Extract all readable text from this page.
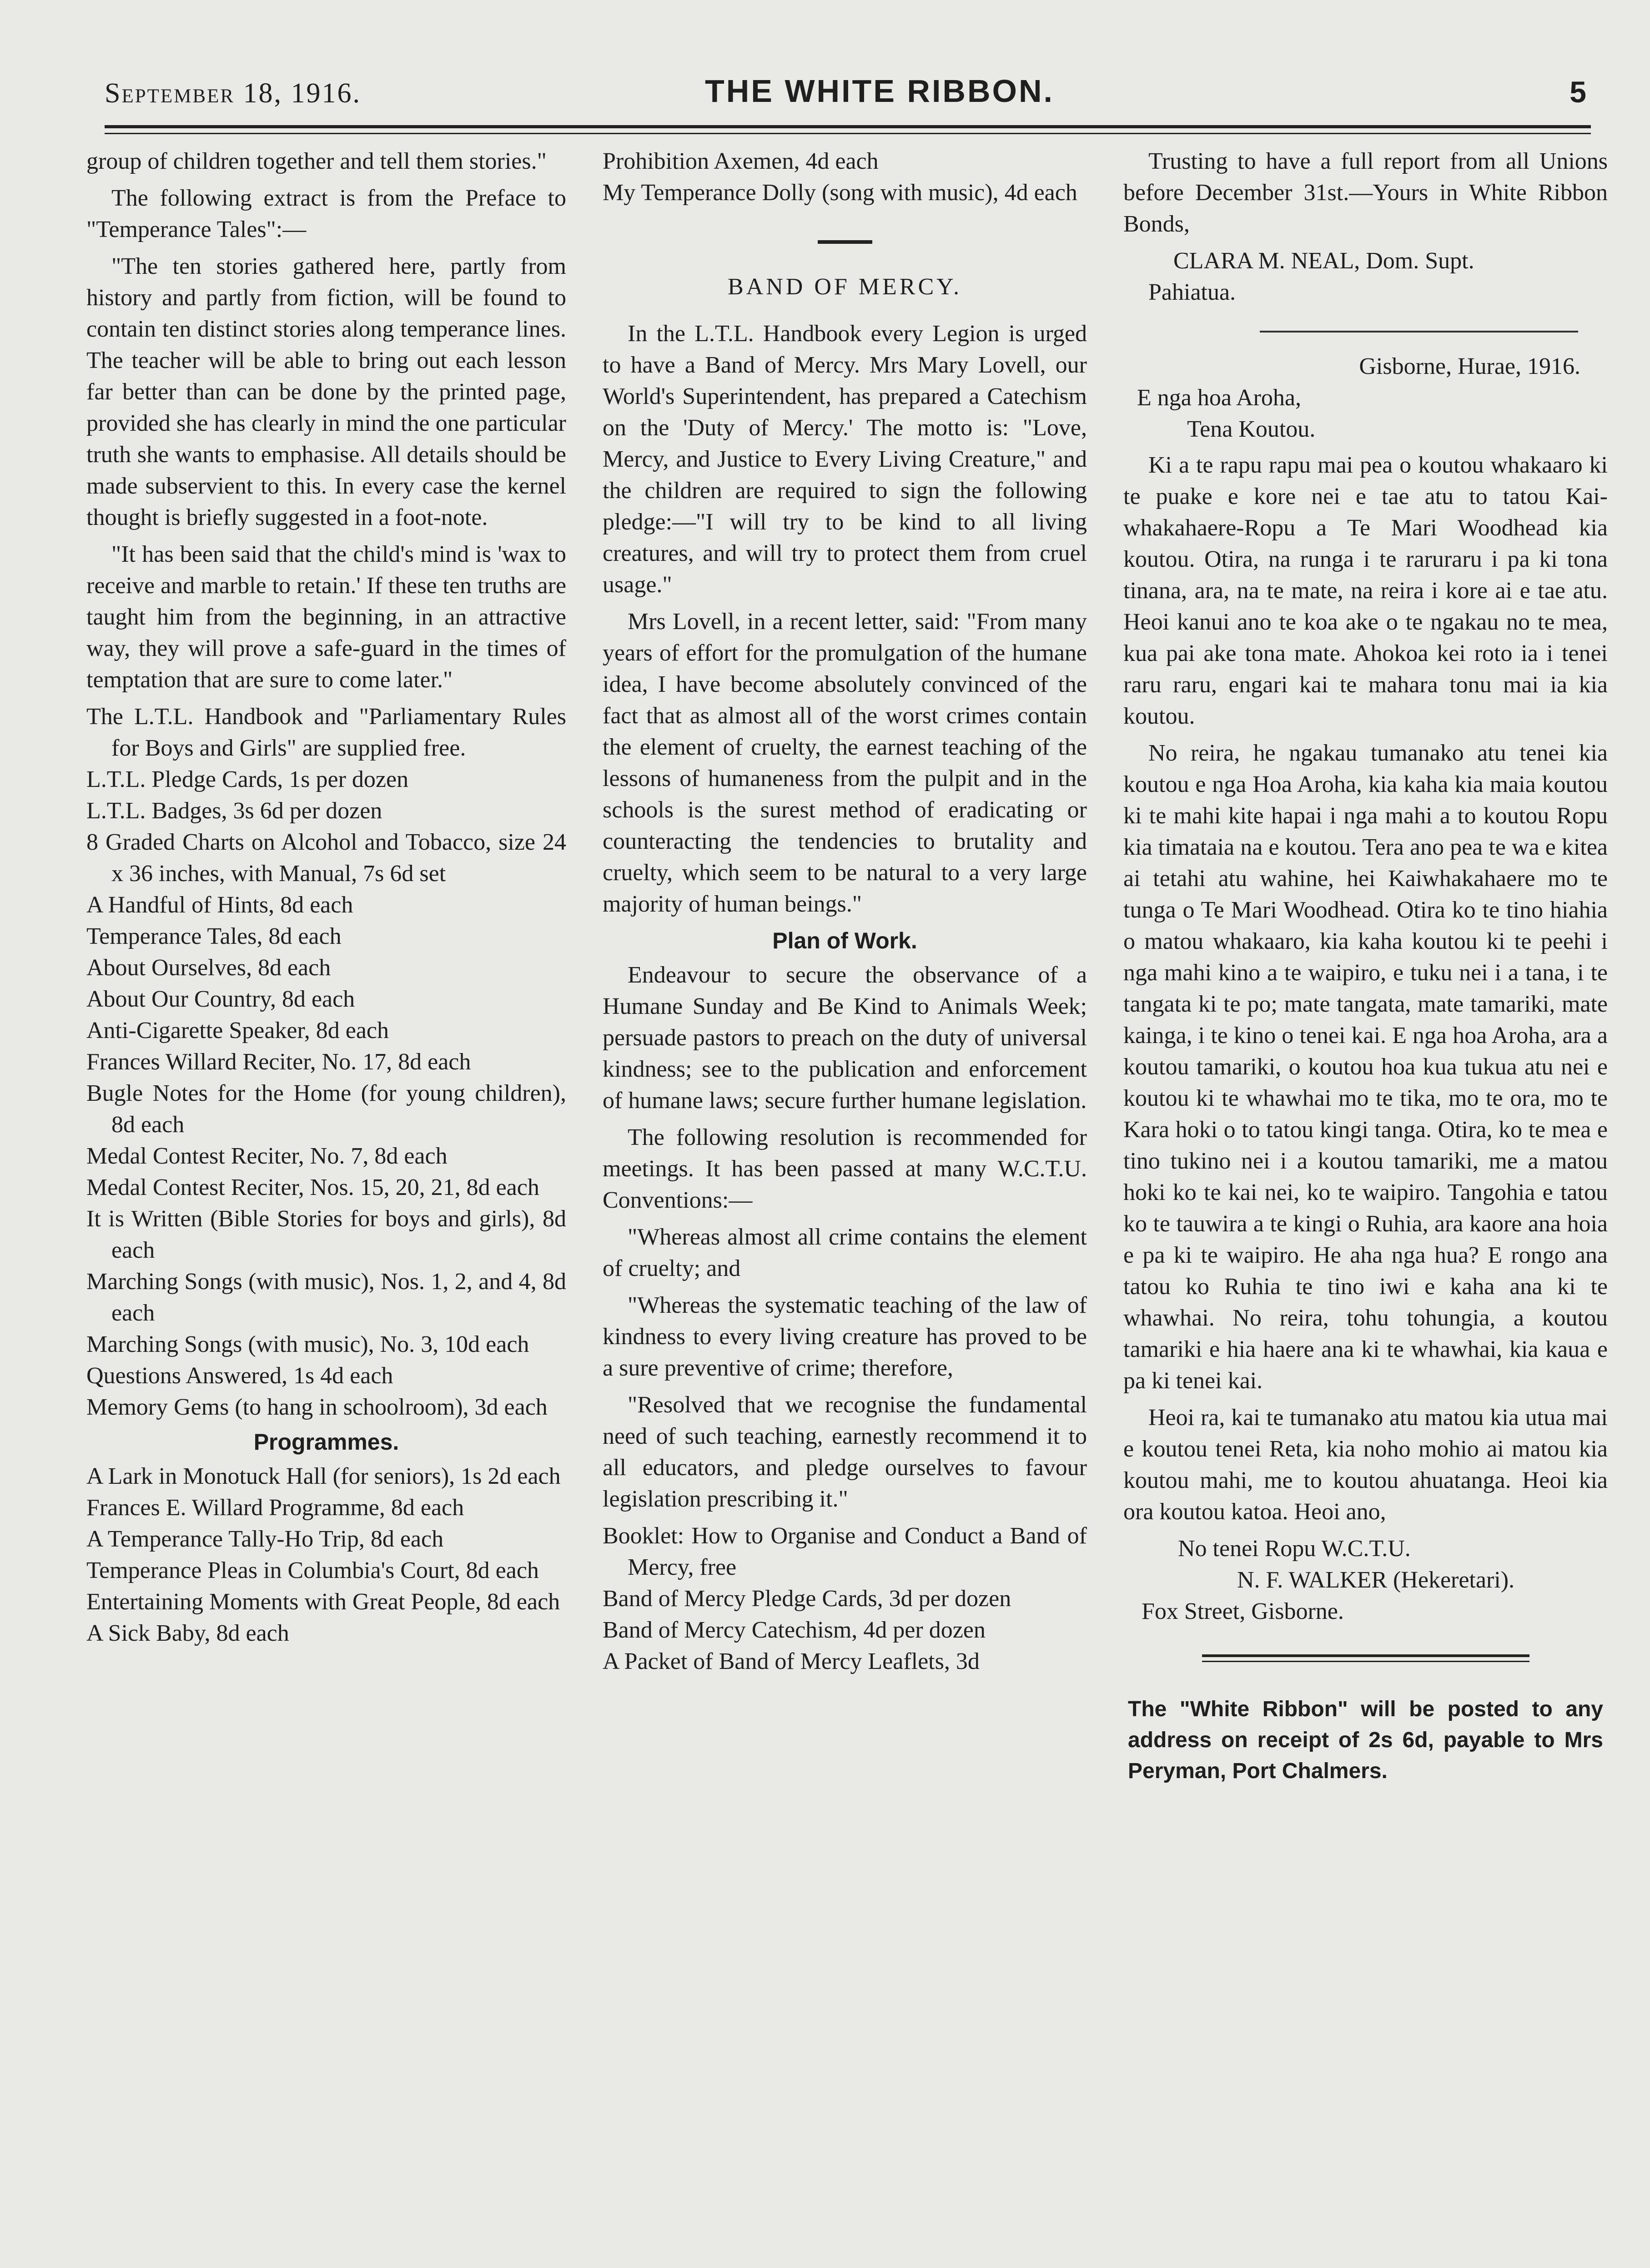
September 18, 1916.	THE WHITE RIBBON.	5

group of children together and tell them stories."

The following extract is from the Preface to "Temperance Tales":—

"The ten stories gathered here, partly from history and partly from fiction, will be found to contain ten distinct stories along temperance lines. The teacher will be able to bring out each lesson far better than can be done by the printed page, provided she has clearly in mind the one particular truth she wants to emphasise. All details should be made subservient to this. In every case the kernel thought is briefly suggested in a foot-note.

"It has been said that the child's mind is 'wax to receive and marble to retain.' If these ten truths are taught him from the beginning, in an attractive way, they will prove a safe-guard in the times of temptation that are sure to come later."

The L.T.L. Handbook and "Parliamentary Rules for Boys and Girls" are supplied free.

L.T.L. Pledge Cards, 1s per dozen

L.T.L. Badges, 3s 6d per dozen

8 Graded Charts on Alcohol and Tobacco, size 24 x 36 inches, with Manual, 7s 6d set

A Handful of Hints, 8d each

Temperance Tales, 8d each

About Ourselves, 8d each

About Our Country, 8d each

Anti-Cigarette Speaker, 8d each

Frances Willard Reciter, No. 17, 8d each

Bugle Notes for the Home (for young children), 8d each

Medal Contest Reciter, No. 7, 8d each

Medal Contest Reciter, Nos. 15, 20, 21, 8d each

It is Written (Bible Stories for boys and girls), 8d each

Marching Songs (with music), Nos. 1, 2, and 4, 8d each

Marching Songs (with music), No. 3, 10d each

Questions Answered, 1s 4d each

Memory Gems (to hang in schoolroom), 3d each

Programmes.

A Lark in Monotuck Hall (for seniors), 1s 2d each

Frances E. Willard Programme, 8d each

A Temperance Tally-Ho Trip, 8d each

Temperance Pleas in Columbia's Court, 8d each

Entertaining Moments with Great People, 8d each

A Sick Baby, 8d each

Prohibition Axemen, 4d each

My Temperance Dolly (song with music), 4d each

BAND OF MERCY.

In the L.T.L. Handbook every Legion is urged to have a Band of Mercy. Mrs Mary Lovell, our World's Superintendent, has prepared a Catechism on the 'Duty of Mercy.' The motto is: "Love, Mercy, and Justice to Every Living Creature," and the children are required to sign the following pledge:—"I will try to be kind to all living creatures, and will try to protect them from cruel usage."

Mrs Lovell, in a recent letter, said: "From many years of effort for the promulgation of the humane idea, I have become absolutely convinced of the fact that as almost all of the worst crimes contain the element of cruelty, the earnest teaching of the lessons of humaneness from the pulpit and in the schools is the surest method of eradicating or counteracting the tendencies to brutality and cruelty, which seem to be natural to a very large majority of human beings."

Plan of Work.

Endeavour to secure the observance of a Humane Sunday and Be Kind to Animals Week; persuade pastors to preach on the duty of universal kindness; see to the publication and enforcement of humane laws; secure further humane legislation.

The following resolution is recommended for meetings. It has been passed at many W.C.T.U. Conventions:—

"Whereas almost all crime contains the element of cruelty; and

"Whereas the systematic teaching of the law of kindness to every living creature has proved to be a sure preventive of crime; therefore,

"Resolved that we recognise the fundamental need of such teaching, earnestly recommend it to all educators, and pledge ourselves to favour legislation prescribing it."

Booklet: How to Organise and Conduct a Band of Mercy, free

Band of Mercy Pledge Cards, 3d per dozen

Band of Mercy Catechism, 4d per dozen

A Packet of Band of Mercy Leaflets, 3d

Trusting to have a full report from all Unions before December 31st.—Yours in White Ribbon Bonds,

CLARA M. NEAL, Dom. Supt.

Pahiatua.

Gisborne, Hurae, 1916.

E nga hoa Aroha,

Tena Koutou.

Ki a te rapu rapu mai pea o koutou whakaaro ki te puake e kore nei e tae atu to tatou Kai-whakahaere-Ropu a Te Mari Woodhead kia koutou. Otira, na runga i te raruraru i pa ki tona tinana, ara, na te mate, na reira i kore ai e tae atu. Heoi kanui ano te koa ake o te ngakau no te mea, kua pai ake tona mate. Ahokoa kei roto ia i tenei raru raru, engari kai te mahara tonu mai ia kia koutou.

No reira, he ngakau tumanako atu tenei kia koutou e nga Hoa Aroha, kia kaha kia maia koutou ki te mahi kite hapai i nga mahi a to koutou Ropu kia timataia na e koutou. Tera ano pea te wa e kitea ai tetahi atu wahine, hei Kaiwhakahaere mo te tunga o Te Mari Woodhead. Otira ko te tino hiahia o matou whakaaro, kia kaha koutou ki te peehi i nga mahi kino a te waipiro, e tuku nei i a tana, i te tangata ki te po; mate tangata, mate tamariki, mate kainga, i te kino o tenei kai. E nga hoa Aroha, ara a koutou tamariki, o koutou hoa kua tukua atu nei e koutou ki te whawhai mo te tika, mo te ora, mo te Kara hoki o to tatou kingi tanga. Otira, ko te mea e tino tukino nei i a koutou tamariki, me a matou hoki ko te kai nei, ko te waipiro. Tangohia e tatou ko te tauwira a te kingi o Ruhia, ara kaore ana hoia e pa ki te waipiro. He aha nga hua? E rongo ana tatou ko Ruhia te tino iwi e kaha ana ki te whawhai. No reira, tohu tohungia, a koutou tamariki e hia haere ana ki te whawhai, kia kaua e pa ki tenei kai.

Heoi ra, kai te tumanako atu matou kia utua mai e koutou tenei Reta, kia noho mohio ai matou kia koutou mahi, me to koutou ahuatanga. Heoi kia ora koutou katoa. Heoi ano,

No tenei Ropu W.C.T.U.

N. F. WALKER (Hekeretari).

Fox Street, Gisborne.

The "White Ribbon" will be posted to any address on receipt of 2s 6d, payable to Mrs Peryman, Port Chalmers.
